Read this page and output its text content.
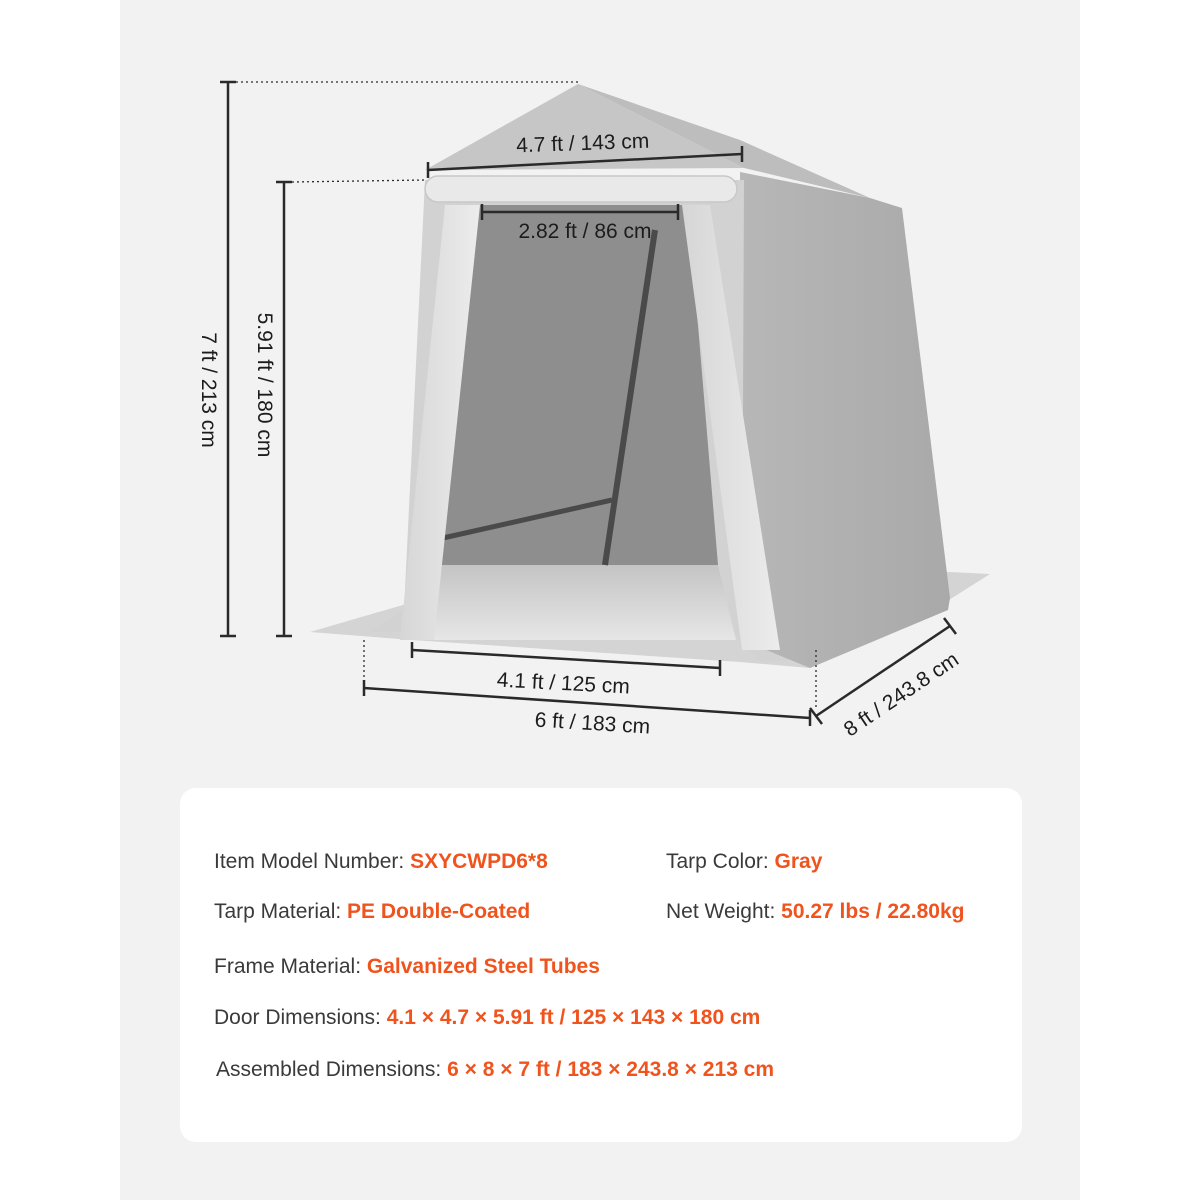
4.7 ft / 143 cm
2.82 ft / 86 cm
7 ft / 213 cm 5.91 ft / 180 cm
4.1 ft / 125 cm
6 ft / 183 cm	8 ft / 243.8 cm
Item Model Number: SXYCWPD6*8	Tarp Color: Gray
Tarp Material: PE Double-Coated	Net Weight: 50.27 lbs / 22.80kg
Frame Material: Galvanized Steel Tubes
Door Dimensions: 4.1 × 4.7 × 5.91 ft / 125 × 143 × 180 cm
Assembled Dimensions: 6 × 8 × 7 ft / 183 × 243.8 × 213 cm
